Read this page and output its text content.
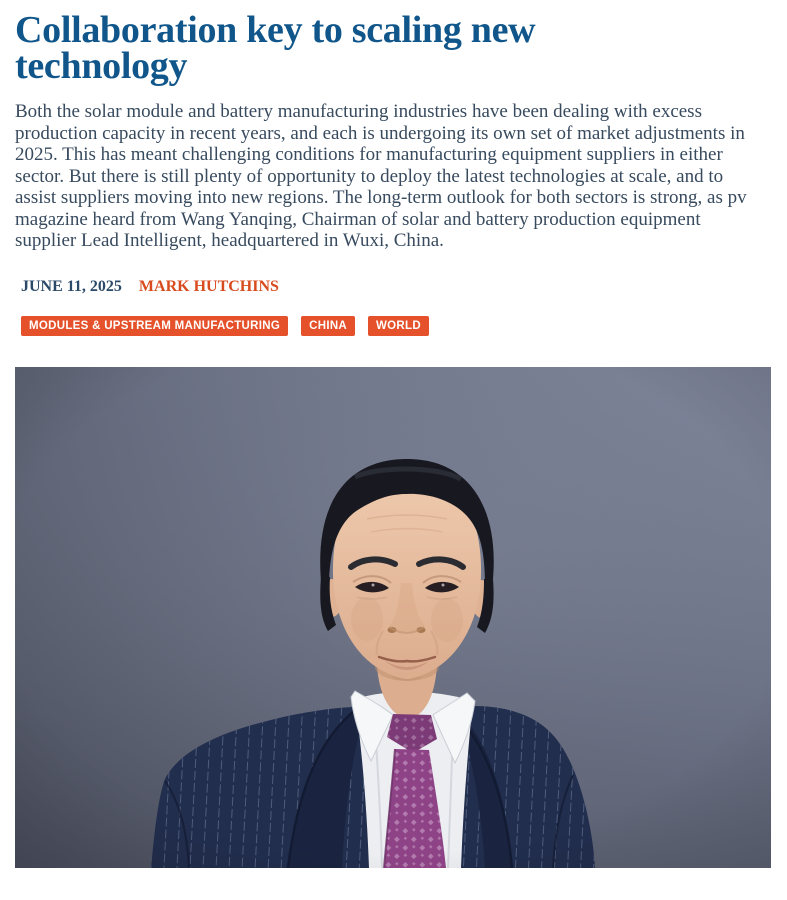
Collaboration key to scaling new technology

Both the solar module and battery manufacturing industries have been dealing with excess production capacity in recent years, and each is undergoing its own set of market adjustments in 2025. This has meant challenging conditions for manufacturing equipment suppliers in either sector. But there is still plenty of opportunity to deploy the latest technologies at scale, and to assist suppliers moving into new regions. The long-term outlook for both sectors is strong, as pv magazine heard from Wang Yanqing, Chairman of solar and battery production equipment supplier Lead Intelligent, headquartered in Wuxi, China.

JUNE 11, 2025 MARK HUTCHINS
MODULES & UPSTREAM MANUFACTURING	CHINA	WORLD
